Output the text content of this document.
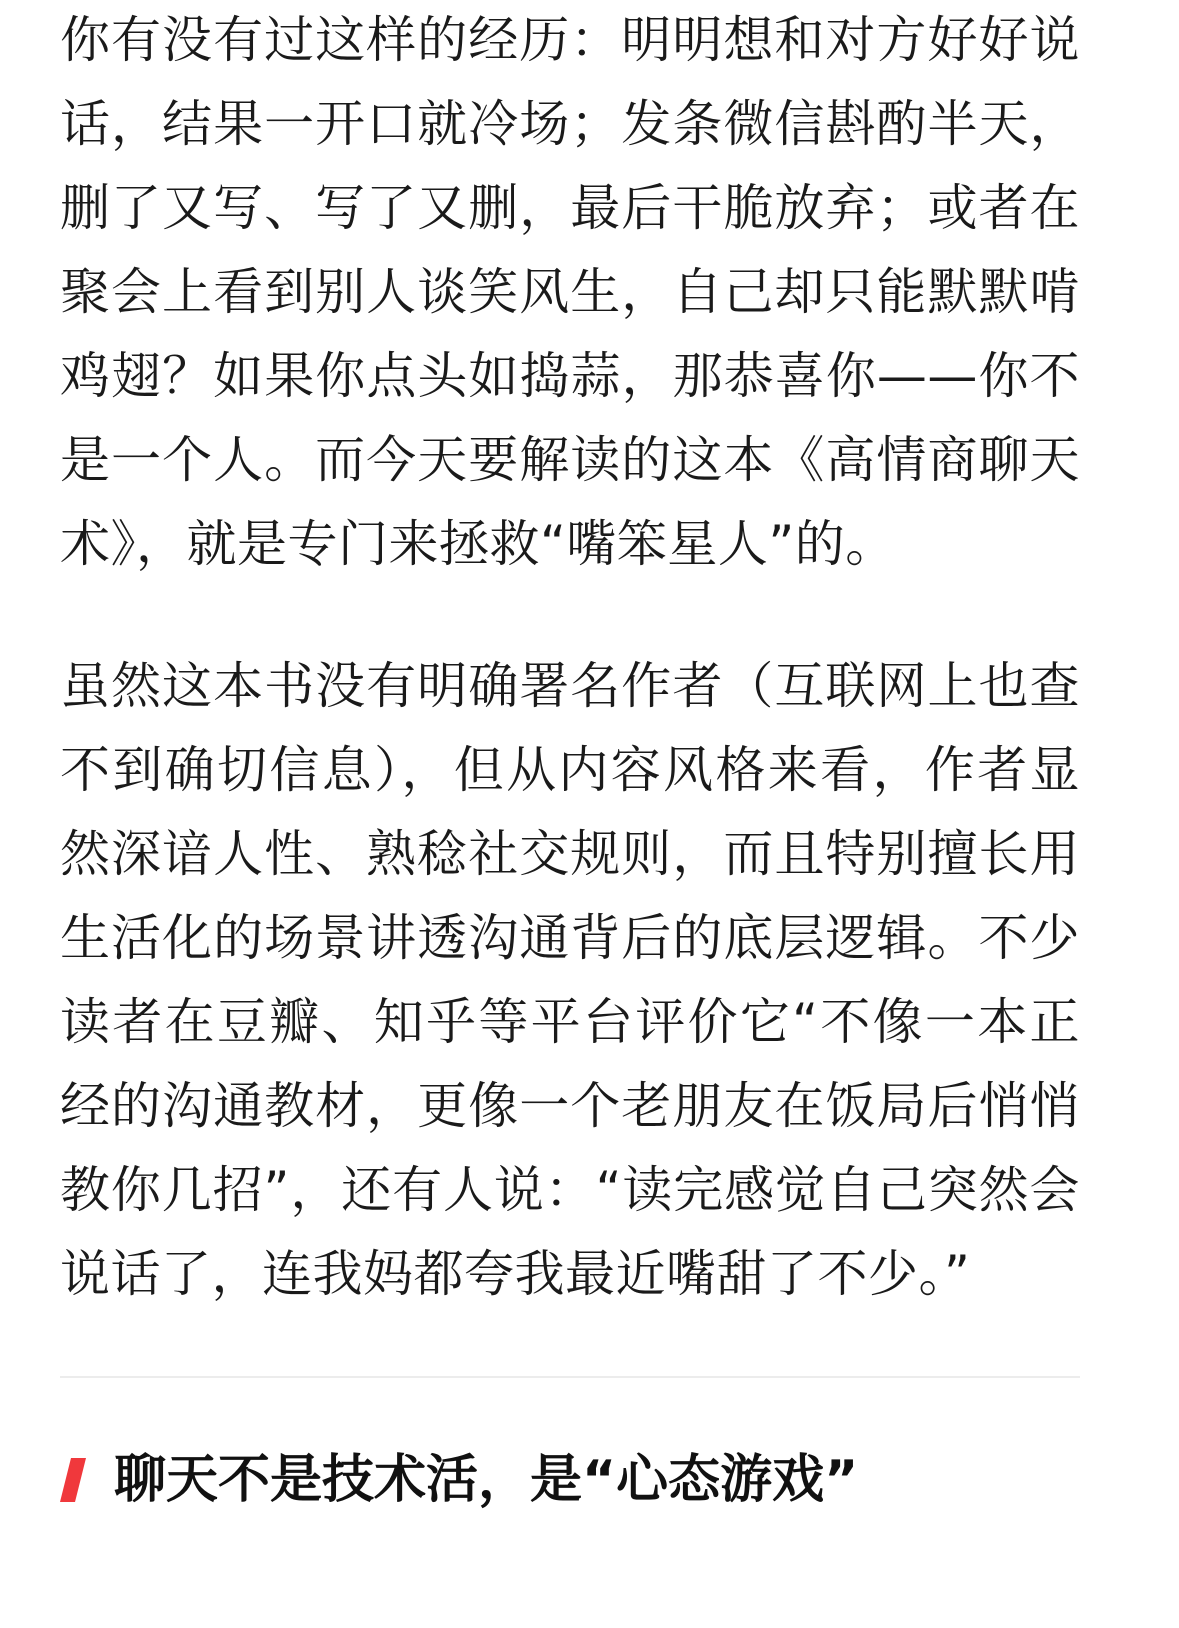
你有没有过这样的经历：明明想和对方好好说话，结果一开口就冷场；发条微信斟酌半天，删了又写、写了又删，最后干脆放弃；或者在聚会上看到别人谈笑风生，自己却只能默默啃鸡翅？如果你点头如捣蒜，那恭喜你——你不是一个人。而今天要解读的这本《高情商聊天术》，就是专门来拯救“嘴笨星人”的。

虽然这本书没有明确署名作者（互联网上也查不到确切信息），但从内容风格来看，作者显然深谙人性、熟稔社交规则，而且特别擅长用生活化的场景讲透沟通背后的底层逻辑。不少读者在豆瓣、知乎等平台评价它“不像一本正经的沟通教材，更像一个老朋友在饭局后悄悄教你几招”，还有人说：“读完感觉自己突然会说话了，连我妈都夸我最近嘴甜了不少。”

聊天不是技术活，是“心态游戏”
